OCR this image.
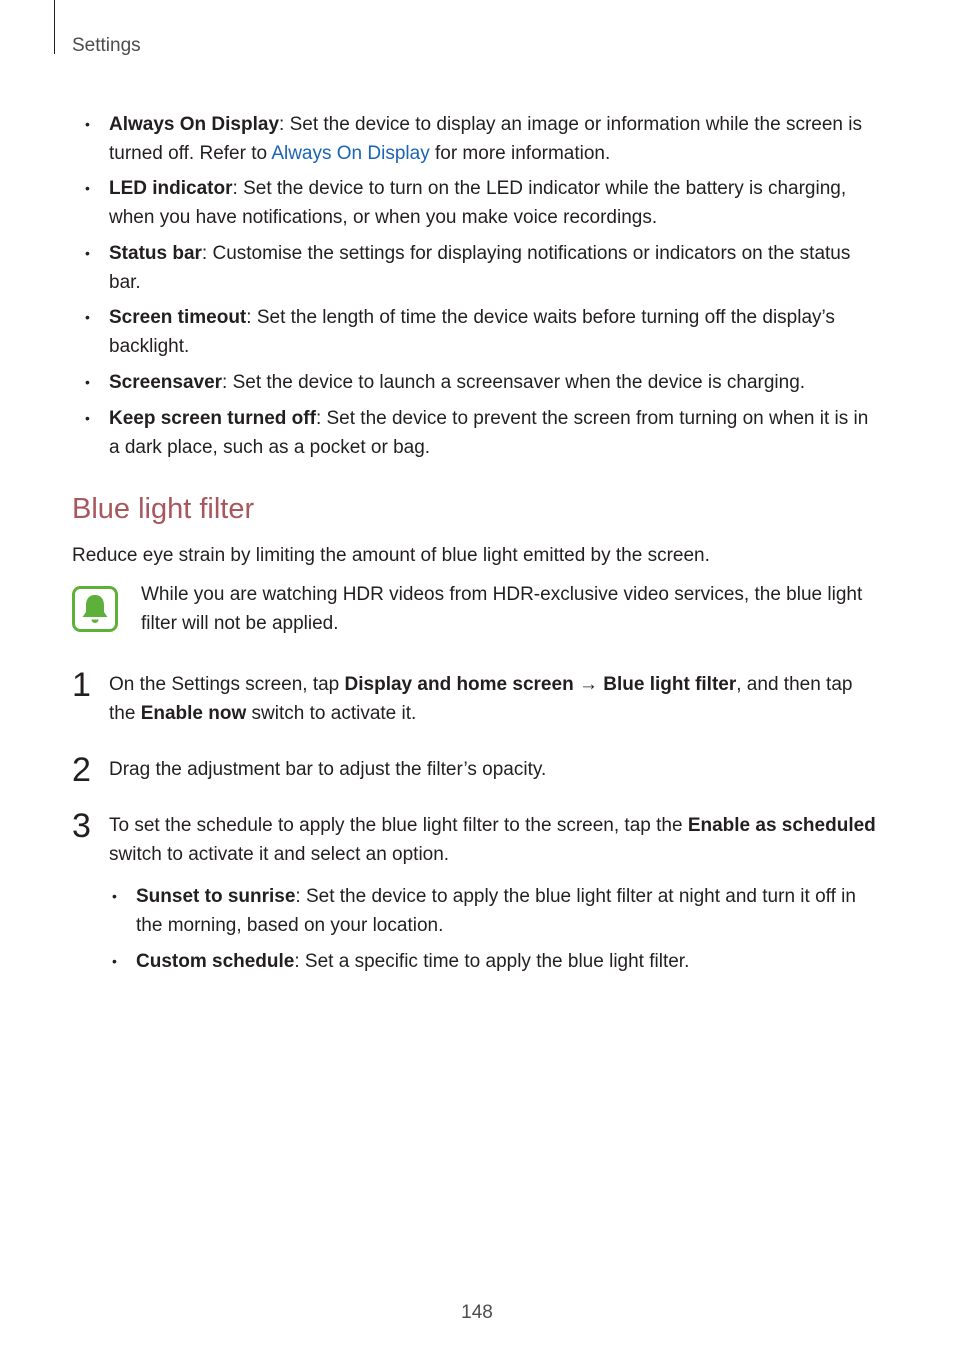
Settings
• Always On Display: Set the device to display an image or information while the screen is turned off. Refer to Always On Display for more information.
• LED indicator: Set the device to turn on the LED indicator while the battery is charging, when you have notifications, or when you make voice recordings.
• Status bar: Customise the settings for displaying notifications or indicators on the status bar.
• Screen timeout: Set the length of time the device waits before turning off the display’s backlight.
• Screensaver: Set the device to launch a screensaver when the device is charging.
• Keep screen turned off: Set the device to prevent the screen from turning on when it is in a dark place, such as a pocket or bag.
Blue light filter
Reduce eye strain by limiting the amount of blue light emitted by the screen.
While you are watching HDR videos from HDR-exclusive video services, the blue light filter will not be applied.
1 On the Settings screen, tap Display and home screen → Blue light filter, and then tap the Enable now switch to activate it.
2 Drag the adjustment bar to adjust the filter’s opacity.
3 To set the schedule to apply the blue light filter to the screen, tap the Enable as scheduled switch to activate it and select an option.
• Sunset to sunrise: Set the device to apply the blue light filter at night and turn it off in the morning, based on your location.
• Custom schedule: Set a specific time to apply the blue light filter.
148
